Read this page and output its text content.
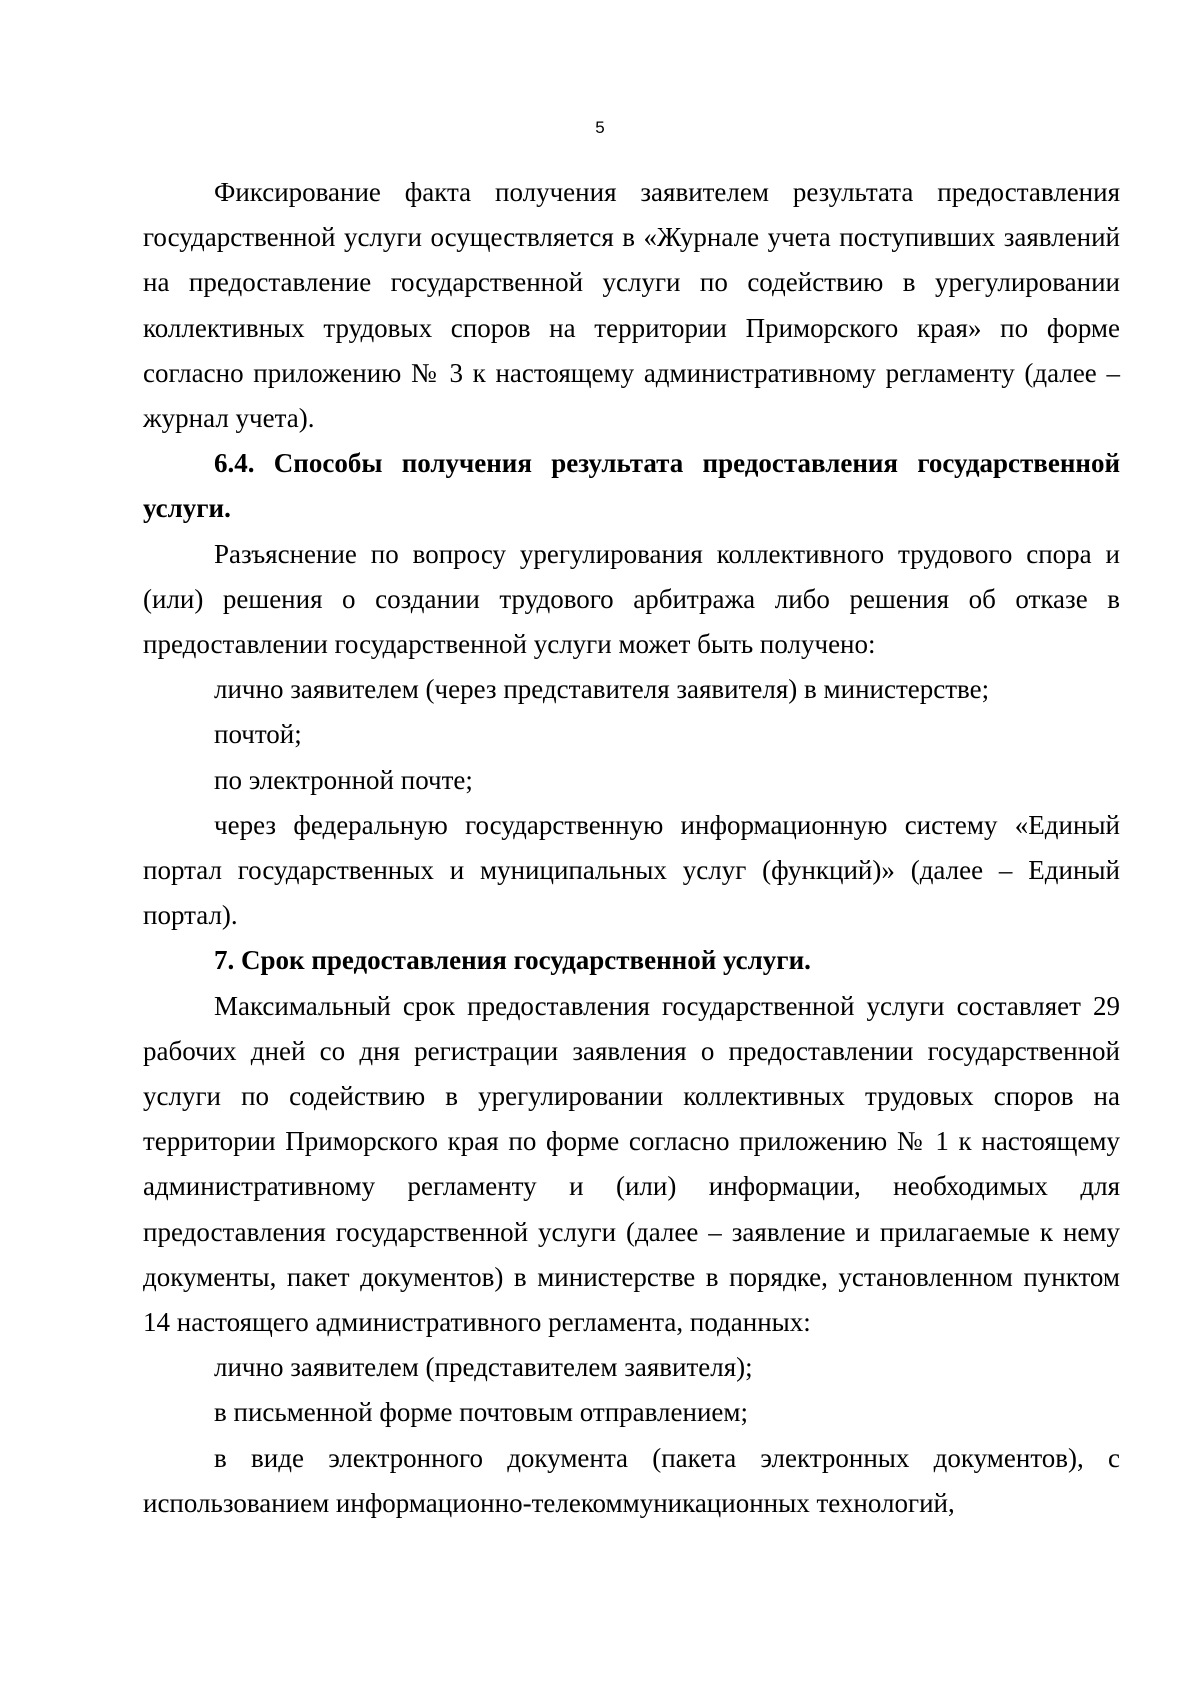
5

Фиксирование факта получения заявителем результата предоставления государственной услуги осуществляется в «Журнале учета поступивших заявлений на предоставление государственной услуги по содействию в урегулировании коллективных трудовых споров на территории Приморского края» по форме согласно приложению № 3 к настоящему административному регламенту (далее – журнал учета).

6.4. Способы получения результата предоставления государственной услуги.

Разъяснение по вопросу урегулирования коллективного трудового спора и (или) решения о создании трудового арбитража либо решения об отказе в предоставлении государственной услуги может быть получено:

лично заявителем (через представителя заявителя) в министерстве;

почтой;

по электронной почте;

через федеральную государственную информационную систему «Единый портал государственных и муниципальных услуг (функций)» (далее – Единый портал).

7. Срок предоставления государственной услуги.

Максимальный срок предоставления государственной услуги составляет 29 рабочих дней со дня регистрации заявления о предоставлении государственной услуги по содействию в урегулировании коллективных трудовых споров на территории Приморского края по форме согласно приложению № 1 к настоящему административному регламенту и (или) информации, необходимых для предоставления государственной услуги (далее – заявление и прилагаемые к нему документы, пакет документов) в министерстве в порядке, установленном пунктом 14 настоящего административного регламента, поданных:

лично заявителем (представителем заявителя);

в письменной форме почтовым отправлением;

в виде электронного документа (пакета электронных документов), с использованием информационно-телекоммуникационных технологий,
